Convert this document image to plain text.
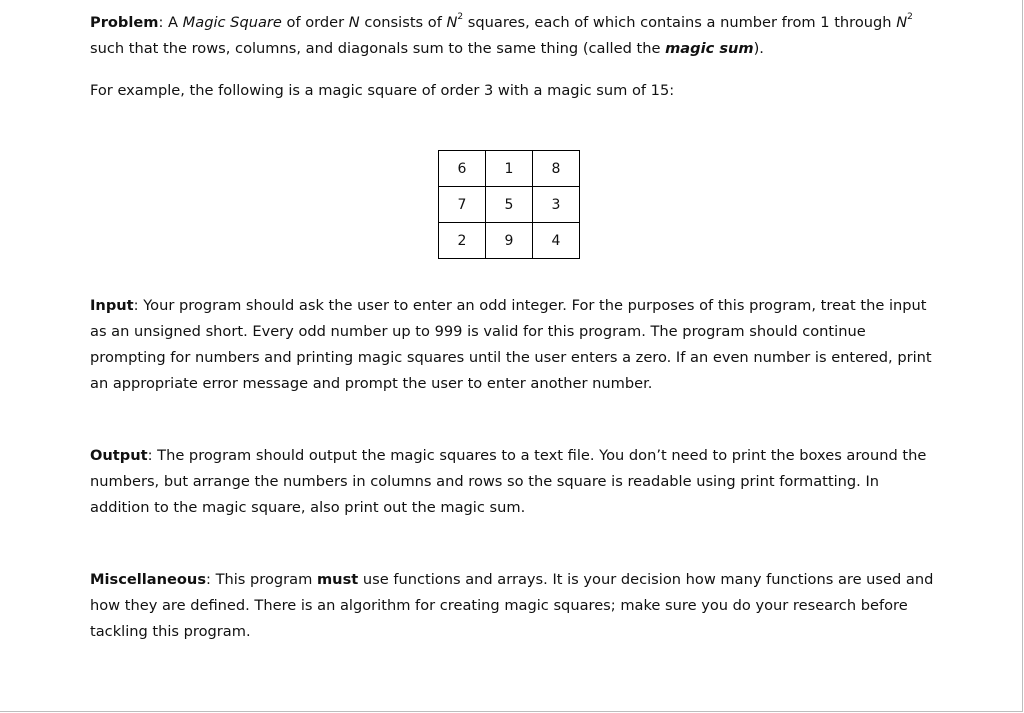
Problem: A Magic Square of order N consists of $N^2$ squares, each of which contains a number from 1 through $N^2$ such that the rows, columns, and diagonals sum to the same thing (called the magic sum).

For example, the following is a magic square of order 3 with a magic sum of 15:

6	1	8
7	5	3
2	9	4

Input: Your program should ask the user to enter an odd integer. For the purposes of this program, treat the input as an unsigned short. Every odd number up to 999 is valid for this program. The program should continue prompting for numbers and printing magic squares until the user enters a zero. If an even number is entered, print an appropriate error message and prompt the user to enter another number.

Output: The program should output the magic squares to a text file. You don’t need to print the boxes around the numbers, but arrange the numbers in columns and rows so the square is readable using print formatting. In addition to the magic square, also print out the magic sum.

Miscellaneous: This program must use functions and arrays. It is your decision how many functions are used and how they are defined. There is an algorithm for creating magic squares; make sure you do your research before tackling this program.
